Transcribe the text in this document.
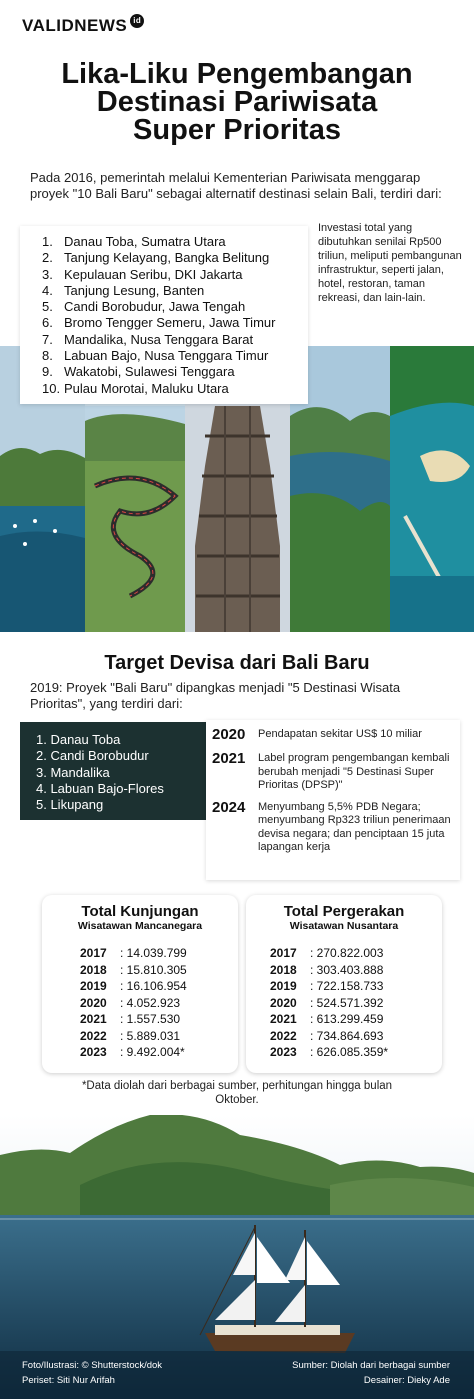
VALIDNEWS id
Lika-Liku Pengembangan
Destinasi Pariwisata
Super Prioritas

Pada 2016, pemerintah melalui Kementerian Pariwisata menggarap proyek "10 Bali Baru" sebagai alternatif destinasi selain Bali, terdiri dari:

1. Danau Toba, Sumatra Utara
2. Tanjung Kelayang, Bangka Belitung
3. Kepulauan Seribu, DKI Jakarta
4. Tanjung Lesung, Banten
5. Candi Borobudur, Jawa Tengah
6. Bromo Tengger Semeru, Jawa Timur
7. Mandalika, Nusa Tenggara Barat
8. Labuan Bajo, Nusa Tenggara Timur
9. Wakatobi, Sulawesi Tenggara
10. Pulau Morotai, Maluku Utara

Investasi total yang dibutuhkan senilai Rp500 triliun, meliputi pembangunan infrastruktur, seperti jalan, hotel, restoran, taman rekreasi, dan lain-lain.

Target Devisa dari Bali Baru

2019: Proyek "Bali Baru" dipangkas menjadi "5 Destinasi Wisata Prioritas", yang terdiri dari:

1. Danau Toba
2. Candi Borobudur
3. Mandalika
4. Labuan Bajo-Flores
5. Likupang
2020	Pendapatan sekitar US$ 10 miliar
2021	Label program pengembangan kembali berubah menjadi "5 Destinasi Super Prioritas (DPSP)"
2024	Menyumbang 5,5% PDB Negara; menyumbang Rp323 triliun penerimaan devisa negara; dan penciptaan 15 juta lapangan kerja
Total Kunjungan
Wisatawan Mancanegara
2017	: 14.039.799
2018	: 15.810.305
2019	: 16.106.954
2020	: 4.052.923
2021	: 1.557.530
2022	: 5.889.031
2023	: 9.492.004*
Total Pergerakan
Wisatawan Nusantara
2017	: 270.822.003
2018	: 303.403.888
2019	: 722.158.733
2020	: 524.571.392
2021	: 613.299.459
2022	: 734.864.693
2023	: 626.085.359*

*Data diolah dari berbagai sumber, perhitungan hingga bulan Oktober.

Foto/Ilustrasi: © Shutterstock/dok
Periset: Siti Nur Arifah
Sumber: Diolah dari berbagai sumber
Desainer: Dieky Ade
